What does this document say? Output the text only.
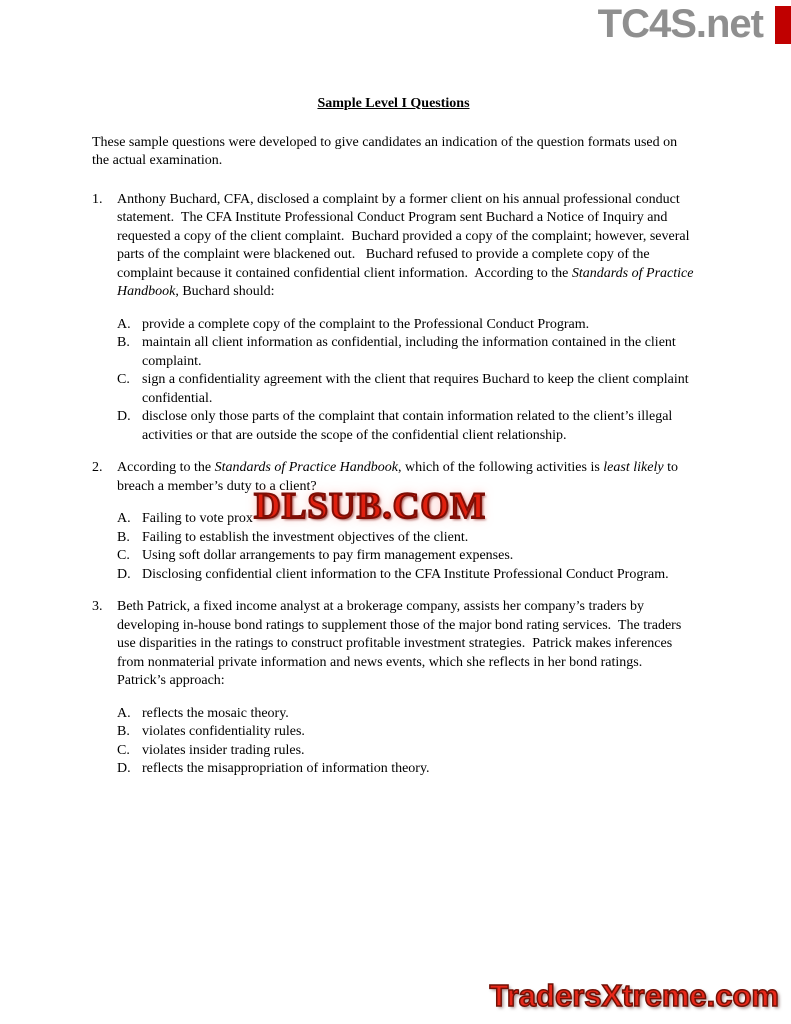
TC4S.net
DLSUB.COM
TradersXtreme.com
Sample Level I Questions

These sample questions were developed to give candidates an indication of the question formats used on the actual examination.

1.	Anthony Buchard, CFA, disclosed a complaint by a former client on his annual professional conduct statement.  The CFA Institute Professional Conduct Program sent Buchard a Notice of Inquiry and requested a copy of the client complaint.  Buchard provided a copy of the complaint; however, several parts of the complaint were blackened out.   Buchard refused to provide a complete copy of the complaint because it contained confidential client information.  According to the Standards of Practice Handbook, Buchard should:
A. provide a complete copy of the complaint to the Professional Conduct Program.
B. maintain all client information as confidential, including the information contained in the client complaint.
C. sign a confidentiality agreement with the client that requires Buchard to keep the client complaint confidential.
D. disclose only those parts of the complaint that contain information related to the client’s illegal activities or that are outside the scope of the confidential client relationship.
2.	According to the Standards of Practice Handbook, which of the following activities is least likely to breach a member’s duty to a client?
A. Failing to vote prox
B. Failing to establish the investment objectives of the client.
C. Using soft dollar arrangements to pay firm management expenses.
D. Disclosing confidential client information to the CFA Institute Professional Conduct Program.
3.	Beth Patrick, a fixed income analyst at a brokerage company, assists her company’s traders by developing in-house bond ratings to supplement those of the major bond rating services.  The traders use disparities in the ratings to construct profitable investment strategies.  Patrick makes inferences from nonmaterial private information and news events, which she reflects in her bond ratings.  Patrick’s approach:
A. reflects the mosaic theory.
B. violates confidentiality rules.
C. violates insider trading rules.
D. reflects the misappropriation of information theory.
